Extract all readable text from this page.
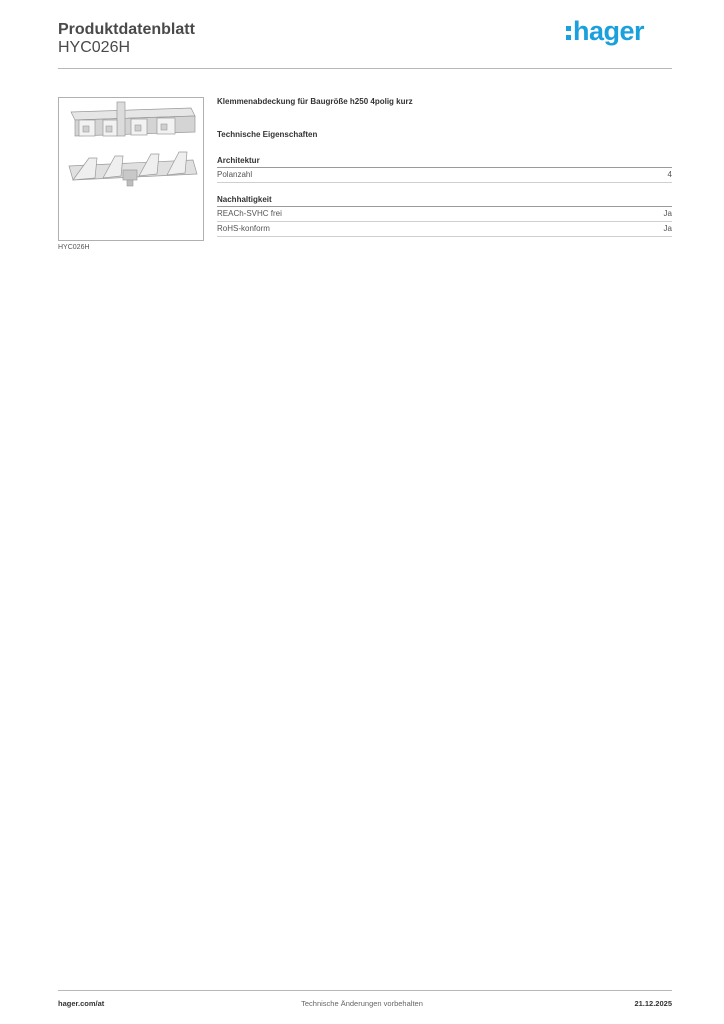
Produktdatenblatt
HYC026H
hager
HYC026H
Klemmenabdeckung für Baugröße h250 4polig kurz
Technische Eigenschaften
Architektur
Polanzahl	4
Nachhaltigkeit
REACh-SVHC frei	Ja
RoHS-konform	Ja
hager.com/at	Technische Änderungen vorbehalten	21.12.2025
